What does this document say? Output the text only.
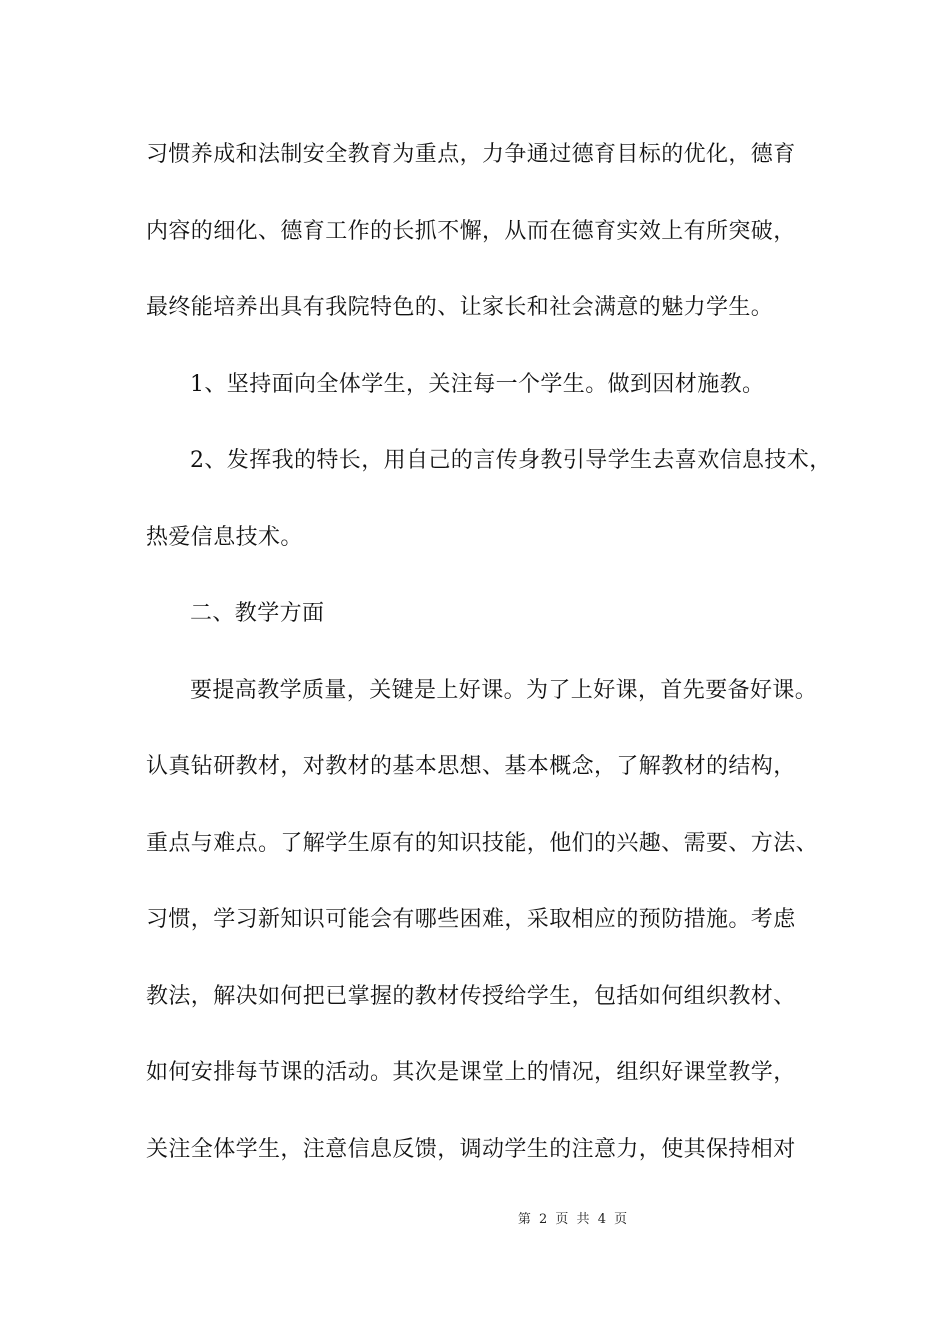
习惯养成和法制安全教育为重点，力争通过德育目标的优化，德育
内容的细化、德育工作的长抓不懈，从而在德育实效上有所突破，
最终能培养出具有我院特色的、让家长和社会满意的魅力学生。
1、坚持面向全体学生，关注每一个学生。做到因材施教。
2、发挥我的特长，用自己的言传身教引导学生去喜欢信息技术，
热爱信息技术。
二、教学方面
要提高教学质量，关键是上好课。为了上好课，首先要备好课。
认真钻研教材，对教材的基本思想、基本概念，了解教材的结构，
重点与难点。了解学生原有的知识技能，他们的兴趣、需要、方法、
习惯，学习新知识可能会有哪些困难，采取相应的预防措施。考虑
教法，解决如何把已掌握的教材传授给学生，包括如何组织教材、
如何安排每节课的活动。其次是课堂上的情况，组织好课堂教学，
关注全体学生，注意信息反馈，调动学生的注意力，使其保持相对
第 2 页 共 4 页
